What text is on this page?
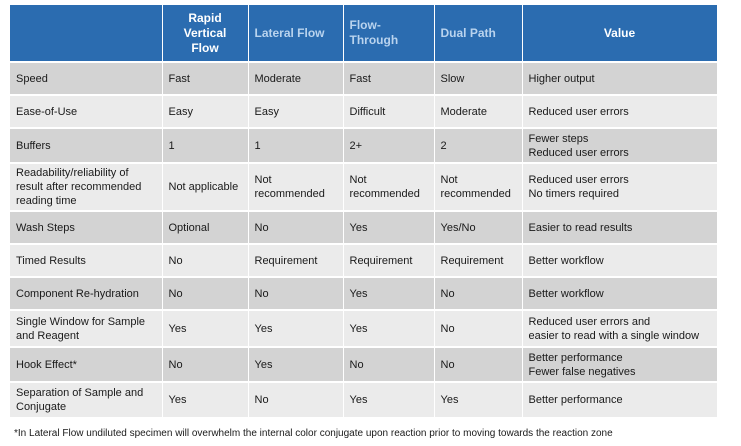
	Rapid
Vertical
Flow	Lateral Flow	Flow-
Through	Dual Path	Value

Speed	Fast	Moderate	Fast	Slow	Higher output

Ease-of-Use	Easy	Easy	Difficult	Moderate	Reduced user errors

Buffers	1	1	2+	2	Fewer steps
Reduced user errors

Readability/reliability of
result after recommended
reading time	Not applicable	Not
recommended	Not
recommended	Not
recommended	Reduced user errors
No timers required

Wash Steps	Optional	No	Yes	Yes/No	Easier to read results

Timed Results	No	Requirement	Requirement	Requirement	Better workflow

Component Re-hydration	No	No	Yes	No	Better workflow

Single Window for Sample
and Reagent	Yes	Yes	Yes	No	Reduced user errors and
easier to read with a single window

Hook Effect*	No	Yes	No	No	Better performance
Fewer false negatives

Separation of Sample and
Conjugate	Yes	No	Yes	Yes	Better performance
*In Lateral Flow undiluted specimen will overwhelm the internal color conjugate upon reaction prior to moving towards the reaction zone
